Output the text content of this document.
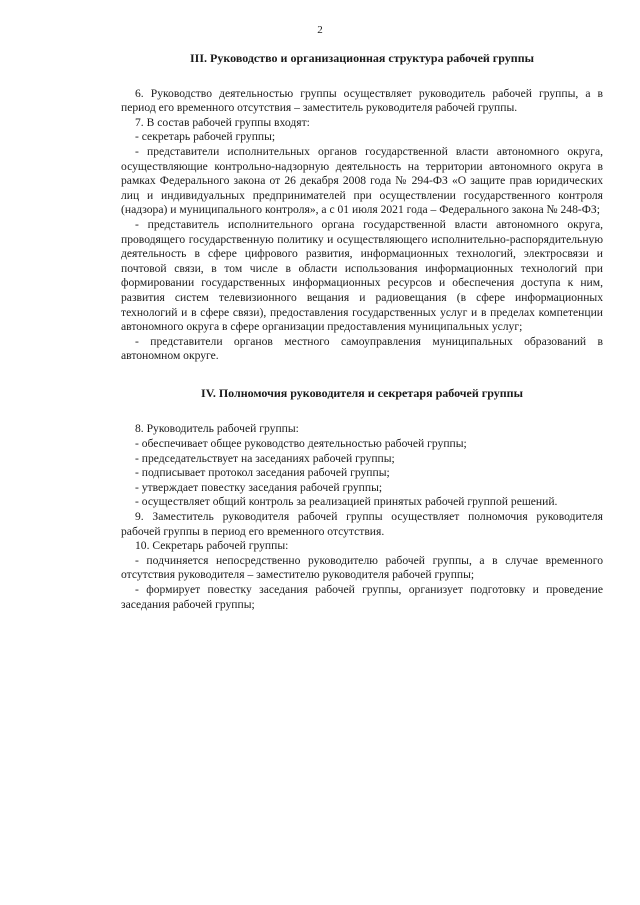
2
III. Руководство и организационная структура рабочей группы

6. Руководство деятельностью группы осуществляет руководитель рабочей группы, а в период его временного отсутствия – заместитель руководителя рабочей группы.

7. В состав рабочей группы входят:

- секретарь рабочей группы;

- представители исполнительных органов государственной власти автономного округа, осуществляющие контрольно-надзорную деятельность на территории автономного округа в рамках Федерального закона от 26 декабря 2008 года № 294-ФЗ «О защите прав юридических лиц и индивидуальных предпринимателей при осуществлении государственного контроля (надзора) и муниципального контроля», а с 01 июля 2021 года – Федерального закона № 248-ФЗ;

- представитель исполнительного органа государственной власти автономного округа, проводящего государственную политику и осуществляющего исполнительно-распорядительную деятельность в сфере цифрового развития, информационных технологий, электросвязи и почтовой связи, в том числе в области использования информационных технологий при формировании государственных информационных ресурсов и обеспечения доступа к ним, развития систем телевизионного вещания и радиовещания (в сфере информационных технологий и в сфере связи), предоставления государственных услуг и в пределах компетенции автономного округа в сфере организации предоставления муниципальных услуг;

- представители органов местного самоуправления муниципальных образований в автономном округе.

IV. Полномочия руководителя и секретаря рабочей группы

8. Руководитель рабочей группы:

- обеспечивает общее руководство деятельностью рабочей группы;

- председательствует на заседаниях рабочей группы;

- подписывает протокол заседания рабочей группы;

- утверждает повестку заседания рабочей группы;

- осуществляет общий контроль за реализацией принятых рабочей группой решений.

9. Заместитель руководителя рабочей группы осуществляет полномочия руководителя рабочей группы в период его временного отсутствия.

10. Секретарь рабочей группы:

- подчиняется непосредственно руководителю рабочей группы, а в случае временного отсутствия руководителя – заместителю руководителя рабочей группы;

- формирует повестку заседания рабочей группы, организует подготовку и проведение заседания рабочей группы;
